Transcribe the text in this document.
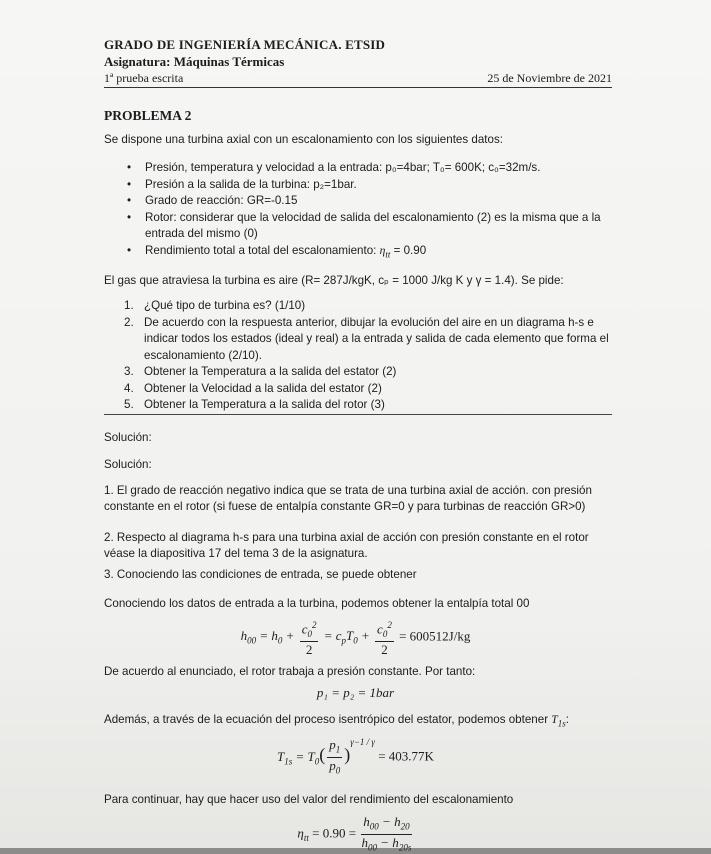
GRADO DE INGENIERÍA MECÁNICA. ETSID
Asignatura: Máquinas Térmicas
1ª prueba escrita	25 de Noviembre de 2021
PROBLEMA 2
Se dispone una turbina axial con un escalonamiento con los siguientes datos:
• Presión, temperatura y velocidad a la entrada: p₀=4bar; T₀= 600K; c₀=32m/s.
• Presión a la salida de la turbina: p₂=1bar.
• Grado de reacción: GR=-0.15
• Rotor: considerar que la velocidad de salida del escalonamiento (2) es la misma que a la entrada del mismo (0)
• Rendimiento total a total del escalonamiento: $\eta_{tt} = 0.90$
El gas que atraviesa la turbina es aire (R= 287J/kgK, cₚ = 1000 J/kg K y γ = 1.4). Se pide:
1. ¿Qué tipo de turbina es? (1/10)
2. De acuerdo con la respuesta anterior, dibujar la evolución del aire en un diagrama h-s e indicar todos los estados (ideal y real) a la entrada y salida de cada elemento que forma el escalonamiento (2/10).
3. Obtener la Temperatura a la salida del estator (2)
4. Obtener la Velocidad a la salida del estator (2)
5. Obtener la Temperatura a la salida del rotor (3)
Solución:
Solución:
1. El grado de reacción negativo indica que se trata de una turbina axial de acción. con presión constante en el rotor (si fuese de entalpía constante GR=0 y para turbinas de reacción GR>0)
2. Respecto al diagrama h-s para una turbina axial de acción con presión constante en el rotor véase la diapositiva 17 del tema 3 de la asignatura.
3. Conociendo las condiciones de entrada, se puede obtener
Conociendo los datos de entrada a la turbina, podemos obtener la entalpía total 00
$h_{00} = h_0 + \frac{c_0^2}{2} = c_pT_0 + \frac{c_0^2}{2} = 600512J/kg$
De acuerdo al enunciado, el rotor trabaja a presión constante. Por tanto:
p₁ = p₂ = 1bar
Además, a través de la ecuación del proceso isentrópico del estator, podemos obtener $T_{1s}$:
$T_{1s} = T_0( \frac{p_1}{p_0} )^{\gamma-1 / \gamma} = 403.77K$
Para continuar, hay que hacer uso del valor del rendimiento del escalonamiento
$\eta_{tt} = 0.90 = \frac{h_{00} - h_{20}}{h_{00} - h_{20s}}$
